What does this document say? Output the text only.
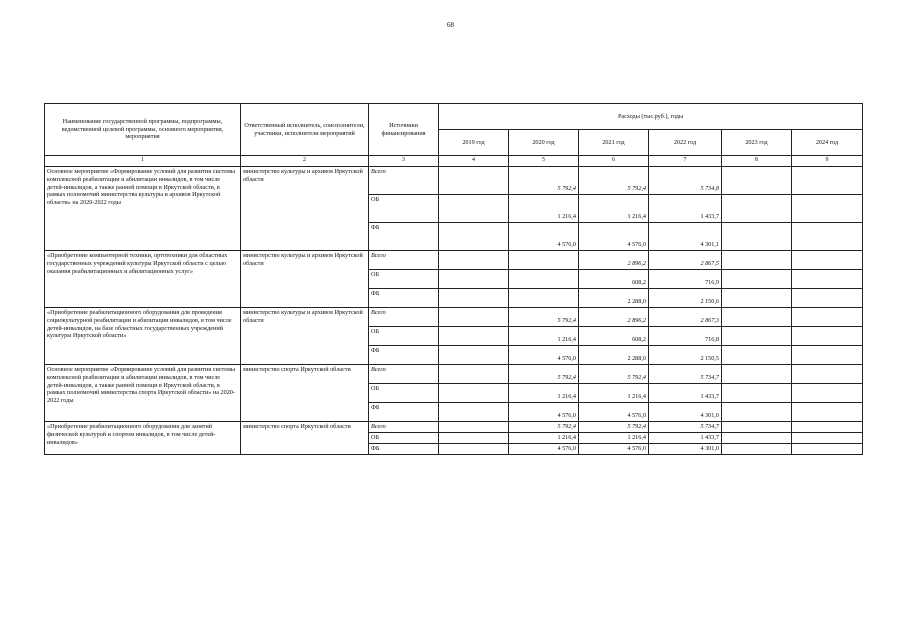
68
Наименование государственной программы, подпрограммы, ведомственной целевой программы, основного мероприятия, мероприятия	Ответственный исполнитель, соисполнители, участники, исполнители мероприятий	Источники финансирования	Расходы (тыс.руб.), годы					
			2019 год	2020 год	2021 год	2022 год	2023 год	2024 год
1	2	3	4	5	6	7	8	9
Основное мероприятие «Формирование условий для развития системы комплексной реабилитации и абилитации инвалидов, в том числе детей-инвалидов, а также ранней помощи в Иркутской области, в рамках полномочий министерства культуры и архивов Иркутской области» на 2020-2022 годы	министерство культуры и архивов Иркутской области	Всего		5 792,4	5 792,4	5 734,8		
		ОБ		1 216,4	1 216,4	1 433,7		
		ФБ		4 576,0	4 576,0	4 301,1		
«Приобретение компьютерной техники, ортотехники для областных государственных учреждений культуры Иркутской области с целью оказания реабилитационных и абилитационных услуг»	министерство культуры и архивов Иркутской области	Всего			2 896,2	2 867,5		
		ОБ			608,2	716,9		
		ФБ			2 288,0	2 150,6		
«Приобретение реабилитационного оборудования для проведения социокультурной реабилитации и абилитации инвалидов, в том числе детей-инвалидов, на базе областных государственных учреждений культуры Иркутской области»	министерство культуры и архивов Иркутской области	Всего		5 792,4	2 896,2	2 867,3		
		ОБ		1 216,4	608,2	716,8		
		ФБ		4 576,0	2 288,0	2 150,5		
Основное мероприятие «Формирование условий для развития системы комплексной реабилитации и абилитации инвалидов, в том числе детей-инвалидов, а также ранней помощи в Иркутской области, в рамках полномочий министерства спорта Иркутской области» на 2020-2022 годы	министерство спорта Иркутской области	Всего		5 792,4	5 792,4	5 734,7		
		ОБ		1 216,4	1 216,4	1 433,7		
		ФБ		4 576,0	4 576,0	4 301,0		
«Приобретение реабилитационного оборудования для занятий физической культурой и спортом инвалидов, в том числе детей-инвалидов»	министерство спорта Иркутской области	Всего		5 792,4	5 792,4	5 734,7		
		ОБ		1 216,4	1 216,4	1 433,7		
		ФБ		4 576,0	4 576,0	4 301,0		
